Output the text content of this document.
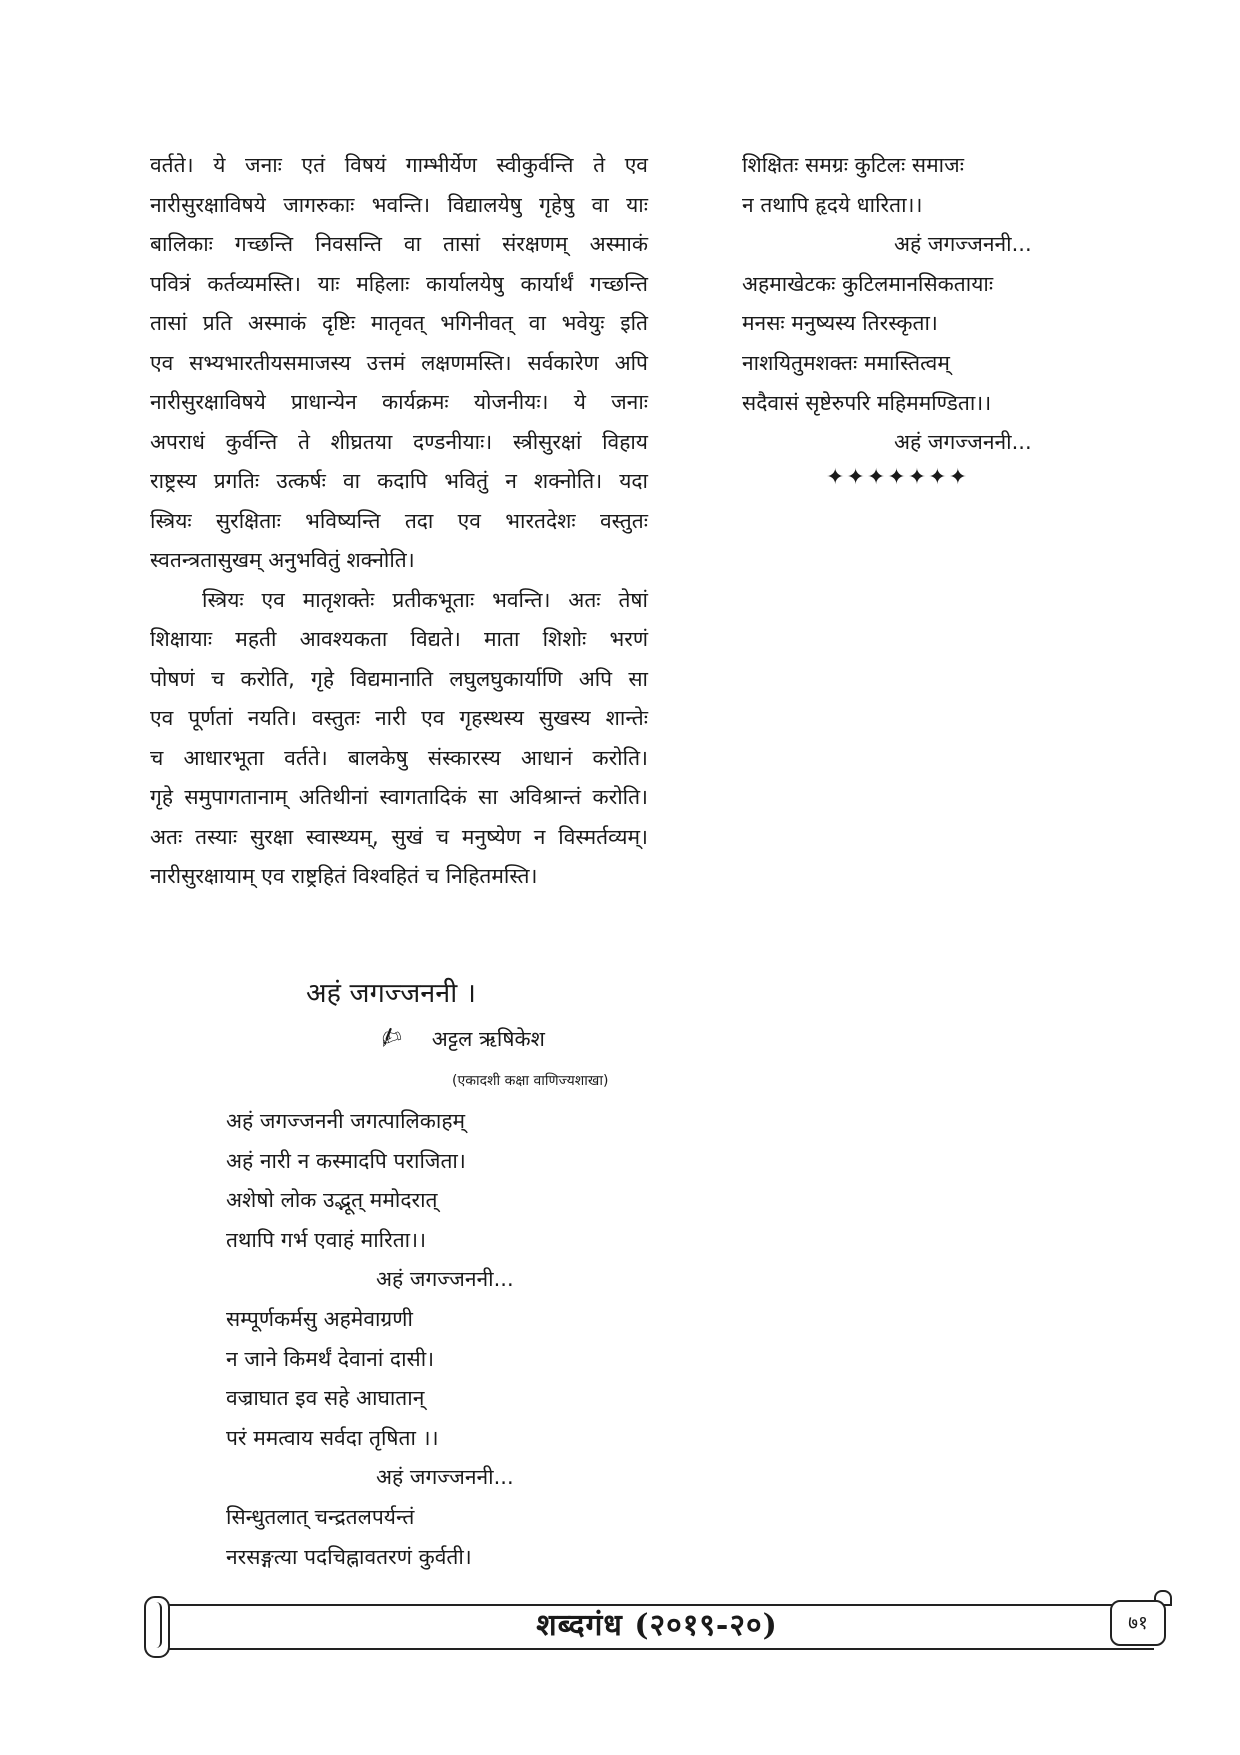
वर्तते। ये जनाः एतं विषयं गाम्भीर्येण स्वीकुर्वन्ति ते एव
नारीसुरक्षाविषये जागरुकाः भवन्ति। विद्यालयेषु गृहेषु वा याः
बालिकाः गच्छन्ति निवसन्ति वा तासां संरक्षणम् अस्माकं
पवित्रं कर्तव्यमस्ति। याः महिलाः कार्यालयेषु कार्यार्थं गच्छन्ति
तासां प्रति अस्माकं दृष्टिः मातृवत् भगिनीवत् वा भवेयुः इति
एव सभ्यभारतीयसमाजस्य उत्तमं लक्षणमस्ति। सर्वकारेण अपि
नारीसुरक्षाविषये प्राधान्येन कार्यक्रमः योजनीयः। ये जनाः
अपराधं कुर्वन्ति ते शीघ्रतया दण्डनीयाः। स्त्रीसुरक्षां विहाय
राष्ट्रस्य प्रगतिः उत्कर्षः वा कदापि भवितुं न शक्नोति। यदा
स्त्रियः सुरक्षिताः भविष्यन्ति तदा एव भारतदेशः वस्तुतः
स्वतन्त्रतासुखम् अनुभवितुं शक्नोति।
स्त्रियः एव मातृशक्तेः प्रतीकभूताः भवन्ति। अतः तेषां
शिक्षायाः महती आवश्यकता विद्यते। माता शिशोः भरणं
पोषणं च करोति, गृहे विद्यमानाति लघुलघुकार्याणि अपि सा
एव पूर्णतां नयति। वस्तुतः नारी एव गृहस्थस्य सुखस्य शान्तेः
च आधारभूता वर्तते। बालकेषु संस्कारस्य आधानं करोति।
गृहे समुपागतानाम् अतिथीनां स्वागतादिकं सा अविश्रान्तं करोति।
अतः तस्याः सुरक्षा स्वास्थ्यम्, सुखं च मनुष्येण न विस्मर्तव्यम्।
नारीसुरक्षायाम् एव राष्ट्रहितं विश्वहितं च निहितमस्ति।
शिक्षितः समग्रः कुटिलः समाजः
न तथापि हृदये धारिता।।
अहं जगज्जननी...
अहमाखेटकः कुटिलमानसिकतायाः
मनसः मनुष्यस्य तिरस्कृता।
नाशयितुमशक्तः ममास्तित्वम्
सदैवासं सृष्टेरुपरि महिममण्डिता।।
अहं जगज्जननी...
✦✦✦✦✦✦✦
अहं जगज्जननी ।
✍ अट्टल ऋषिकेश
(एकादशी कक्षा वाणिज्यशाखा)
अहं जगज्जननी जगत्पालिकाहम्
अहं नारी न कस्मादपि पराजिता।
अशेषो लोक उद्भूत् ममोदरात्
तथापि गर्भ एवाहं मारिता।।
अहं जगज्जननी...
सम्पूर्णकर्मसु अहमेवाग्रणी
न जाने किमर्थं देवानां दासी।
वज्राघात इव सहे आघातान्
परं ममत्वाय सर्वदा तृषिता ।।
अहं जगज्जननी...
सिन्धुतलात् चन्द्रतलपर्यन्तं
नरसङ्गत्या पदचिह्नावतरणं कुर्वती।
शब्दगंध (२०१९-२०)	७१
